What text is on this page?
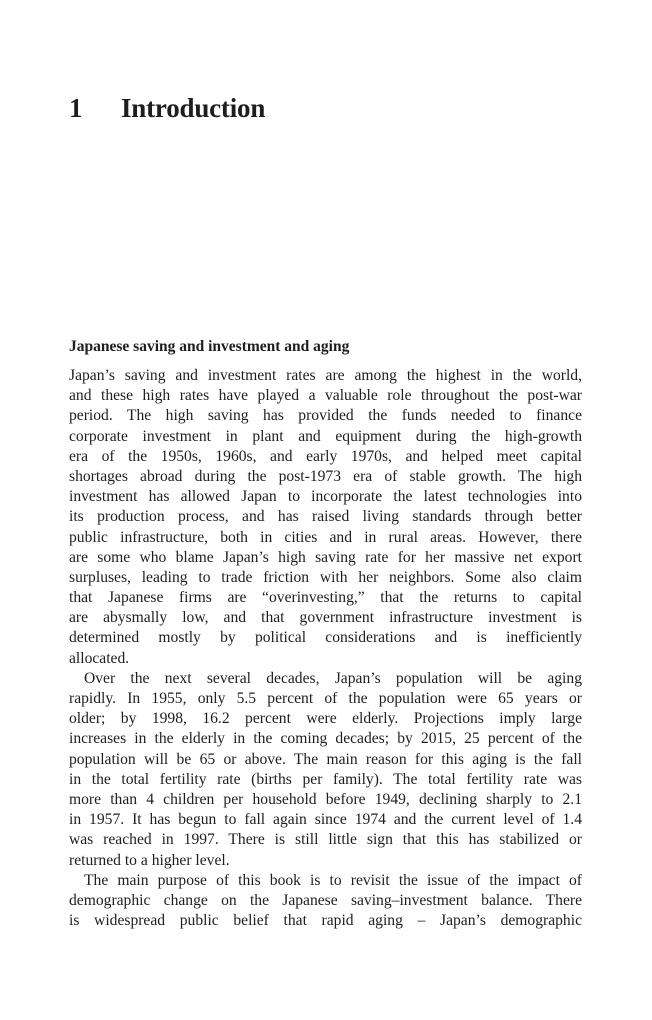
1 Introduction
Japanese saving and investment and aging

Japan’s saving and investment rates are among the highest in the world,
and these high rates have played a valuable role throughout the post-war
period. The high saving has provided the funds needed to finance
corporate investment in plant and equipment during the high-growth
era of the 1950s, 1960s, and early 1970s, and helped meet capital
shortages abroad during the post-1973 era of stable growth. The high
investment has allowed Japan to incorporate the latest technologies into
its production process, and has raised living standards through better
public infrastructure, both in cities and in rural areas. However, there
are some who blame Japan’s high saving rate for her massive net export
surpluses, leading to trade friction with her neighbors. Some also claim
that Japanese firms are “overinvesting,” that the returns to capital
are abysmally low, and that government infrastructure investment is
determined mostly by political considerations and is inefficiently
allocated.

Over the next several decades, Japan’s population will be aging
rapidly. In 1955, only 5.5 percent of the population were 65 years or
older; by 1998, 16.2 percent were elderly. Projections imply large
increases in the elderly in the coming decades; by 2015, 25 percent of the
population will be 65 or above. The main reason for this aging is the fall
in the total fertility rate (births per family). The total fertility rate was
more than 4 children per household before 1949, declining sharply to 2.1
in 1957. It has begun to fall again since 1974 and the current level of 1.4
was reached in 1997. There is still little sign that this has stabilized or
returned to a higher level.

The main purpose of this book is to revisit the issue of the impact of
demographic change on the Japanese saving–investment balance. There
is widespread public belief that rapid aging – Japan’s demographic
